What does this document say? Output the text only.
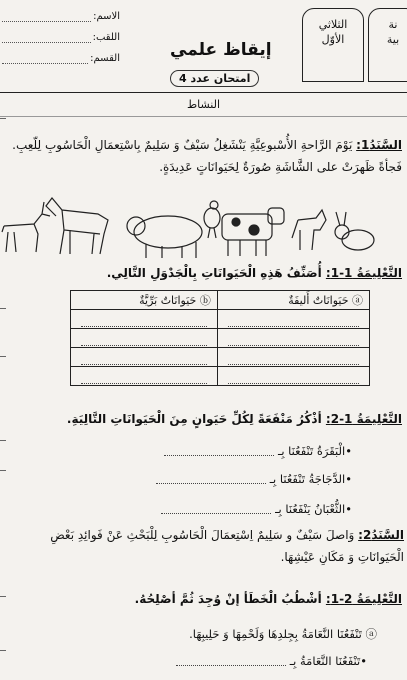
الاسم:
اللقب:
القسم:	إيقاظ علمي
امتحان عدد 4
الثلاثي
الأوّل
نة
بية
النشاط
السَّنَدُ1: يَوْمَ الرَّاحةِ الأُسْبوعِيَّةِ يَنْشَغِلُ سَيْفٌ وَ سَلِيمٌ بِاسْتِعمَالِ الْحَاسُوبِ لِلّعِبِ. فَجأةً ظَهرَتْ على الشَّاشَةِ صُورَةٌ لِحَيَوانَاتٍ عَدِيدَةٍ.
التَّعْلِيمَةُ 1-1: أُصَنِّفُ هَذِهِ الْحَيَوانَاتِ بِالْجَدْوَلِ التَّالِي.
ⓐ حَيَوانَاتٌ أَليفَةٌ	ⓑ حَيَوانَاتٌ بَرِّيَّةٌ

التَّعْلِيمَةُ 1-2: أذْكُرُ مَنْفَعَةً لِكُلِّ حَيَوانٍ مِنَ الْحَيَوانَاتِ التَّالِيَةِ.
•
الْبَقَرَةُ تَنْفَعُنَا بِـ
•
الدَّجَاجَةُ تَنْفَعُنَا بِـ
•
الثُّعْبَانُ يَنْفَعُنَا بِـ
السَّنَدُ2: وَاصلَ سَيْفٌ و سَلِيمٌ اِسْتِعمَالَ الْحَاسُوبِ لِلْبَحْثِ عَنْ فَوائِدِ بَعْضِ الْحَيَوانَاتِ وَ مَكَانِ عَيْشِهَا.
التَّعْلِيمَةُ 2-1: أشْطُبُ الْخَطَأ إنْ وُجِدَ ثُمَّ أصْلِحُهُ.
ⓐ تَنْفَعُنَا النَّعَامَةُ بِجِلدِهَا وَلَحْمِهَا وَ حَلِيبِهَا.
•
تَنْفَعُنَا النَّعَامَةُ بِـ
